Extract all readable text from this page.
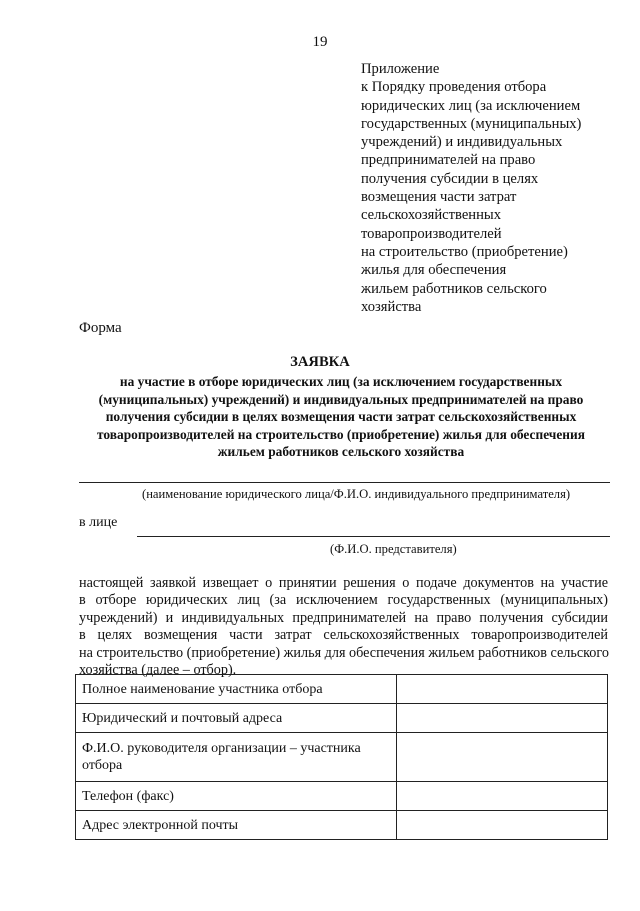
19
Приложение
к Порядку проведения отбора
юридических лиц (за исключением
государственных (муниципальных)
учреждений) и индивидуальных
предпринимателей на право
получения субсидии в целях
возмещения части затрат
сельскохозяйственных
товаропроизводителей
на строительство (приобретение)
жилья для обеспечения
жильем работников сельского
хозяйства
Форма
ЗАЯВКА
на участие в отборе юридических лиц (за исключением государственных
(муниципальных) учреждений) и индивидуальных предпринимателей на право
получения субсидии в целях возмещения части затрат сельскохозяйственных
товаропроизводителей на строительство (приобретение) жилья для обеспечения
жильем работников сельского хозяйства
(наименование юридического лица/Ф.И.О. индивидуального предпринимателя)
в лице
(Ф.И.О. представителя)
настоящей заявкой извещает о принятии решения о подаче документов на участие
в отборе юридических лиц (за исключением государственных (муниципальных)
учреждений) и индивидуальных предпринимателей на право получения субсидии
в целях возмещения части затрат сельскохозяйственных товаропроизводителей
на строительство (приобретение) жилья для обеспечения жильем работников сельского
хозяйства (далее – отбор).
Полное наименование участника отбора	
Юридический и почтовый адреса	
Ф.И.О. руководителя организации – участника отбора	
Телефон (факс)	
Адрес электронной почты	
